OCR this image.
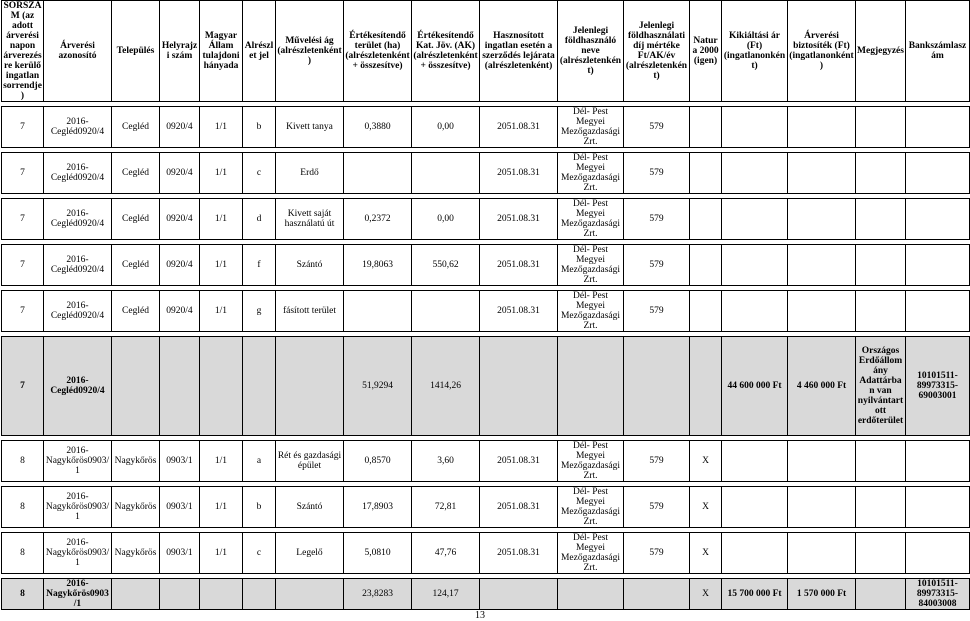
SORSZÁM (az adott árverési napon árverezésre kerülő ingatlan sorrendje)	Árverési azonosító	Település	Helyrajzi szám	Magyar Állam tulajdoni hányada	Alrészlet jel	Művelési ág
(alrészletenként )	Értékesítendő terület (ha) (alrészletenként + összesítve)	Értékesítendő Kat. Jöv. (AK) (alrészletenként + összesítve)	Hasznosított ingatlan esetén a szerződés lejárata (alrészletenként)	Jelenlegi földhasználó neve (alrészletenként)	Jelenlegi földhasználati díj mértéke Ft/AK/év (alrészletenként)	Natura 2000 (igen)	Kikiáltási ár (Ft) (ingatlanonként)	Árverési biztosíték (Ft) (ingatlanonként)	Megjegyzés	Bankszámlaszám

7	2016-Cegléd0920/4	Cegléd	0920/4	1/1	b	Kivett tanya	0,3880	0,00	2051.08.31	Dél- Pest Megyei Mezőgazdasági Zrt.	579					

7	2016-Cegléd0920/4	Cegléd	0920/4	1/1	c	Erdő			2051.08.31	Dél- Pest Megyei Mezőgazdasági Zrt.	579					

7	2016-Cegléd0920/4	Cegléd	0920/4	1/1	d	Kivett saját használatú út	0,2372	0,00	2051.08.31	Dél- Pest Megyei Mezőgazdasági Zrt.	579					

7	2016-Cegléd0920/4	Cegléd	0920/4	1/1	f	Szántó	19,8063	550,62	2051.08.31	Dél- Pest Megyei Mezőgazdasági Zrt.	579					

7	2016-Cegléd0920/4	Cegléd	0920/4	1/1	g	fásított terület			2051.08.31	Dél- Pest Megyei Mezőgazdasági Zrt.	579					

7	2016-Cegléd0920/4						51,9294	1414,26					44 600 000 Ft	4 460 000 Ft	Országos Erdőállomány Adattárban van nyilvántartott erdőterület	10101511-89973315-69003001

8	2016-Nagykőrös0903/1	Nagykőrös	0903/1	1/1	a	Rét és gazdasági épület	0,8570	3,60	2051.08.31	Dél- Pest Megyei Mezőgazdasági Zrt.	579	X				

8	2016-Nagykőrös0903/1	Nagykőrös	0903/1	1/1	b	Szántó	17,8903	72,81	2051.08.31	Dél- Pest Megyei Mezőgazdasági Zrt.	579	X				

8	2016-Nagykőrös0903/1	Nagykőrös	0903/1	1/1	c	Legelő	5,0810	47,76	2051.08.31	Dél- Pest Megyei Mezőgazdasági Zrt.	579	X				

8	2016-Nagykőrös0903/1						23,8283	124,17				X	15 700 000 Ft	1 570 000 Ft		10101511-89973315-84003008
13
